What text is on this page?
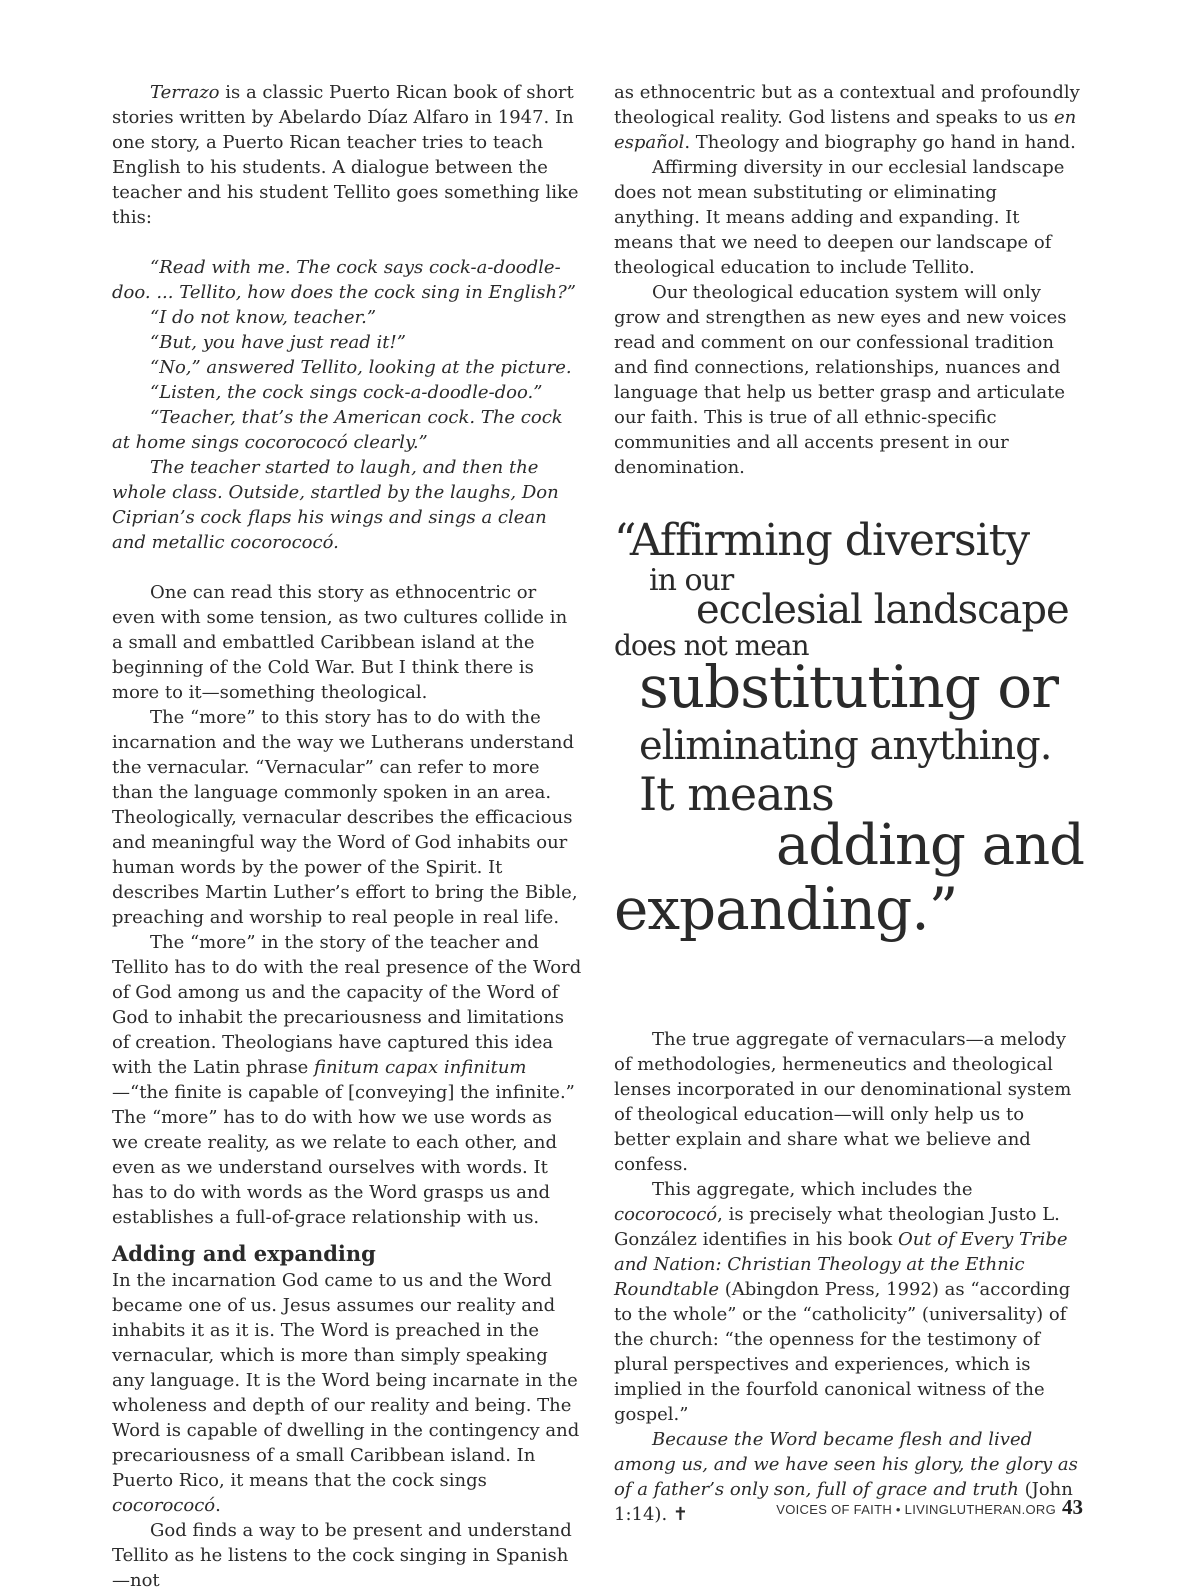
Terrazo is a classic Puerto Rican book of short stories written by Abelardo Díaz Alfaro in 1947. In one story, a Puerto Rican teacher tries to teach English to his students. A dialogue between the teacher and his student Tellito goes something like this:

“Read with me. The cock says cock-a-doodle-doo. ... Tellito, how does the cock sing in English?”

“I do not know, teacher.”

“But, you have just read it!”

“No,” answered Tellito, looking at the picture.

“Listen, the cock sings cock-a-doodle-doo.”

“Teacher, that’s the American cock. The cock at home sings cocorococó clearly.”

The teacher started to laugh, and then the whole class. Outside, startled by the laughs, Don Ciprian’s cock flaps his wings and sings a clean and metallic cocorococó.

One can read this story as ethnocentric or even with some tension, as two cultures collide in a small and embattled Caribbean island at the beginning of the Cold War. But I think there is more to it—something theological.

The “more” to this story has to do with the incarnation and the way we Lutherans understand the vernacular. “Vernacular” can refer to more than the language commonly spoken in an area. Theologically, vernacular describes the efficacious and meaningful way the Word of God inhabits our human words by the power of the Spirit. It describes Martin Luther’s effort to bring the Bible, preaching and worship to real people in real life.

The “more” in the story of the teacher and Tellito has to do with the real presence of the Word of God among us and the capacity of the Word of God to inhabit the precariousness and limitations of creation. Theologians have captured this idea with the Latin phrase finitum capax infinitum—“the finite is capable of [conveying] the infinite.” The “more” has to do with how we use words as we create reality, as we relate to each other, and even as we understand ourselves with words. It has to do with words as the Word grasps us and establishes a full-of-grace relationship with us.

Adding and expanding

In the incarnation God came to us and the Word became one of us. Jesus assumes our reality and inhabits it as it is. The Word is preached in the vernacular, which is more than simply speaking any language. It is the Word being incarnate in the wholeness and depth of our reality and being. The Word is capable of dwelling in the contingency and precariousness of a small Caribbean island. In Puerto Rico, it means that the cock sings cocorococó.

God finds a way to be present and understand Tellito as he listens to the cock singing in Spanish—not

as ethnocentric but as a contextual and profoundly theological reality. God listens and speaks to us en español. Theology and biography go hand in hand.

Affirming diversity in our ecclesial landscape does not mean substituting or eliminating anything. It means adding and expanding. It means that we need to deepen our landscape of theological education to include Tellito.

Our theological education system will only grow and strengthen as new eyes and new voices read and comment on our confessional tradition and find connections, relationships, nuances and language that help us better grasp and articulate our faith. This is true of all ethnic-specific communities and all accents present in our denomination.

“Affirming diversity
in our
ecclesial landscape
does not mean
substituting or
eliminating anything.
It means
adding and
expanding.”

The true aggregate of vernaculars—a melody of methodologies, hermeneutics and theological lenses incorporated in our denominational system of theological education—will only help us to better explain and share what we believe and confess.

This aggregate, which includes the cocorococó, is precisely what theologian Justo L. González identifies in his book Out of Every Tribe and Nation: Christian Theology at the Ethnic Roundtable (Abingdon Press, 1992) as “according to the whole” or the “catholicity” (universality) of the church: “the openness for the testimony of plural perspectives and experiences, which is implied in the fourfold canonical witness of the gospel.”

Because the Word became flesh and lived among us, and we have seen his glory, the glory as of a father’s only son, full of grace and truth (John 1:14). ✝	VOICES OF FAITH • LIVINGLUTHERAN.ORG 43
